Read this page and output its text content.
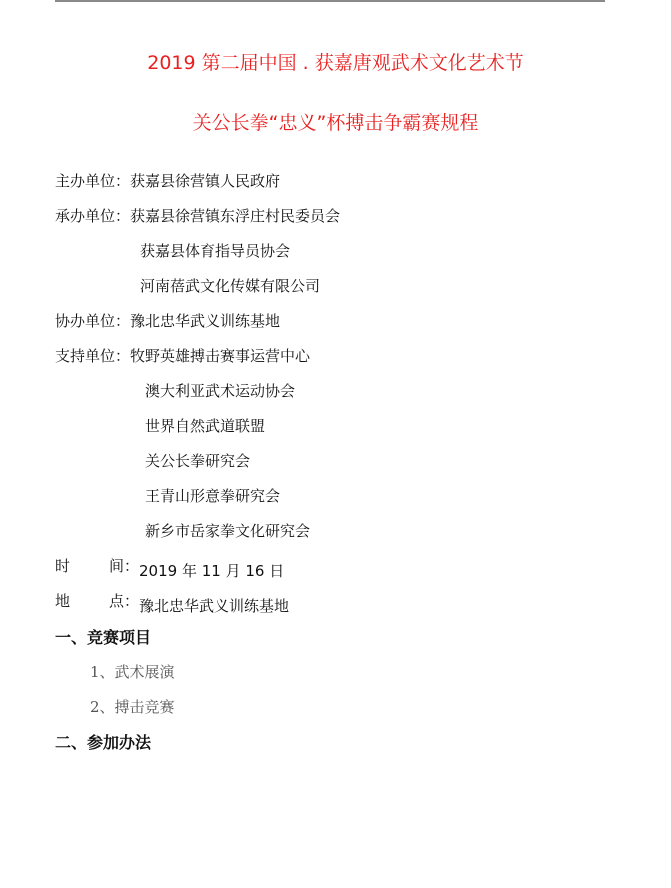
2019 第二届中国 . 获嘉唐观武术文化艺术节
关公长拳“忠义”杯搏击争霸赛规程
主办单位：获嘉县徐营镇人民政府
承办单位：获嘉县徐营镇东浮庄村民委员会
获嘉县体育指导员协会
河南蓓武文化传媒有限公司
协办单位：豫北忠华武义训练基地
支持单位：牧野英雄搏击赛事运营中心
澳大利亚武术运动协会
世界自然武道联盟
关公长拳研究会
王青山形意拳研究会
新乡市岳家拳文化研究会
时	间： 2019 年 11 月 16 日
地	点： 豫北忠华武义训练基地
一、竞赛项目
1、武术展演
2、搏击竞赛
二、参加办法
